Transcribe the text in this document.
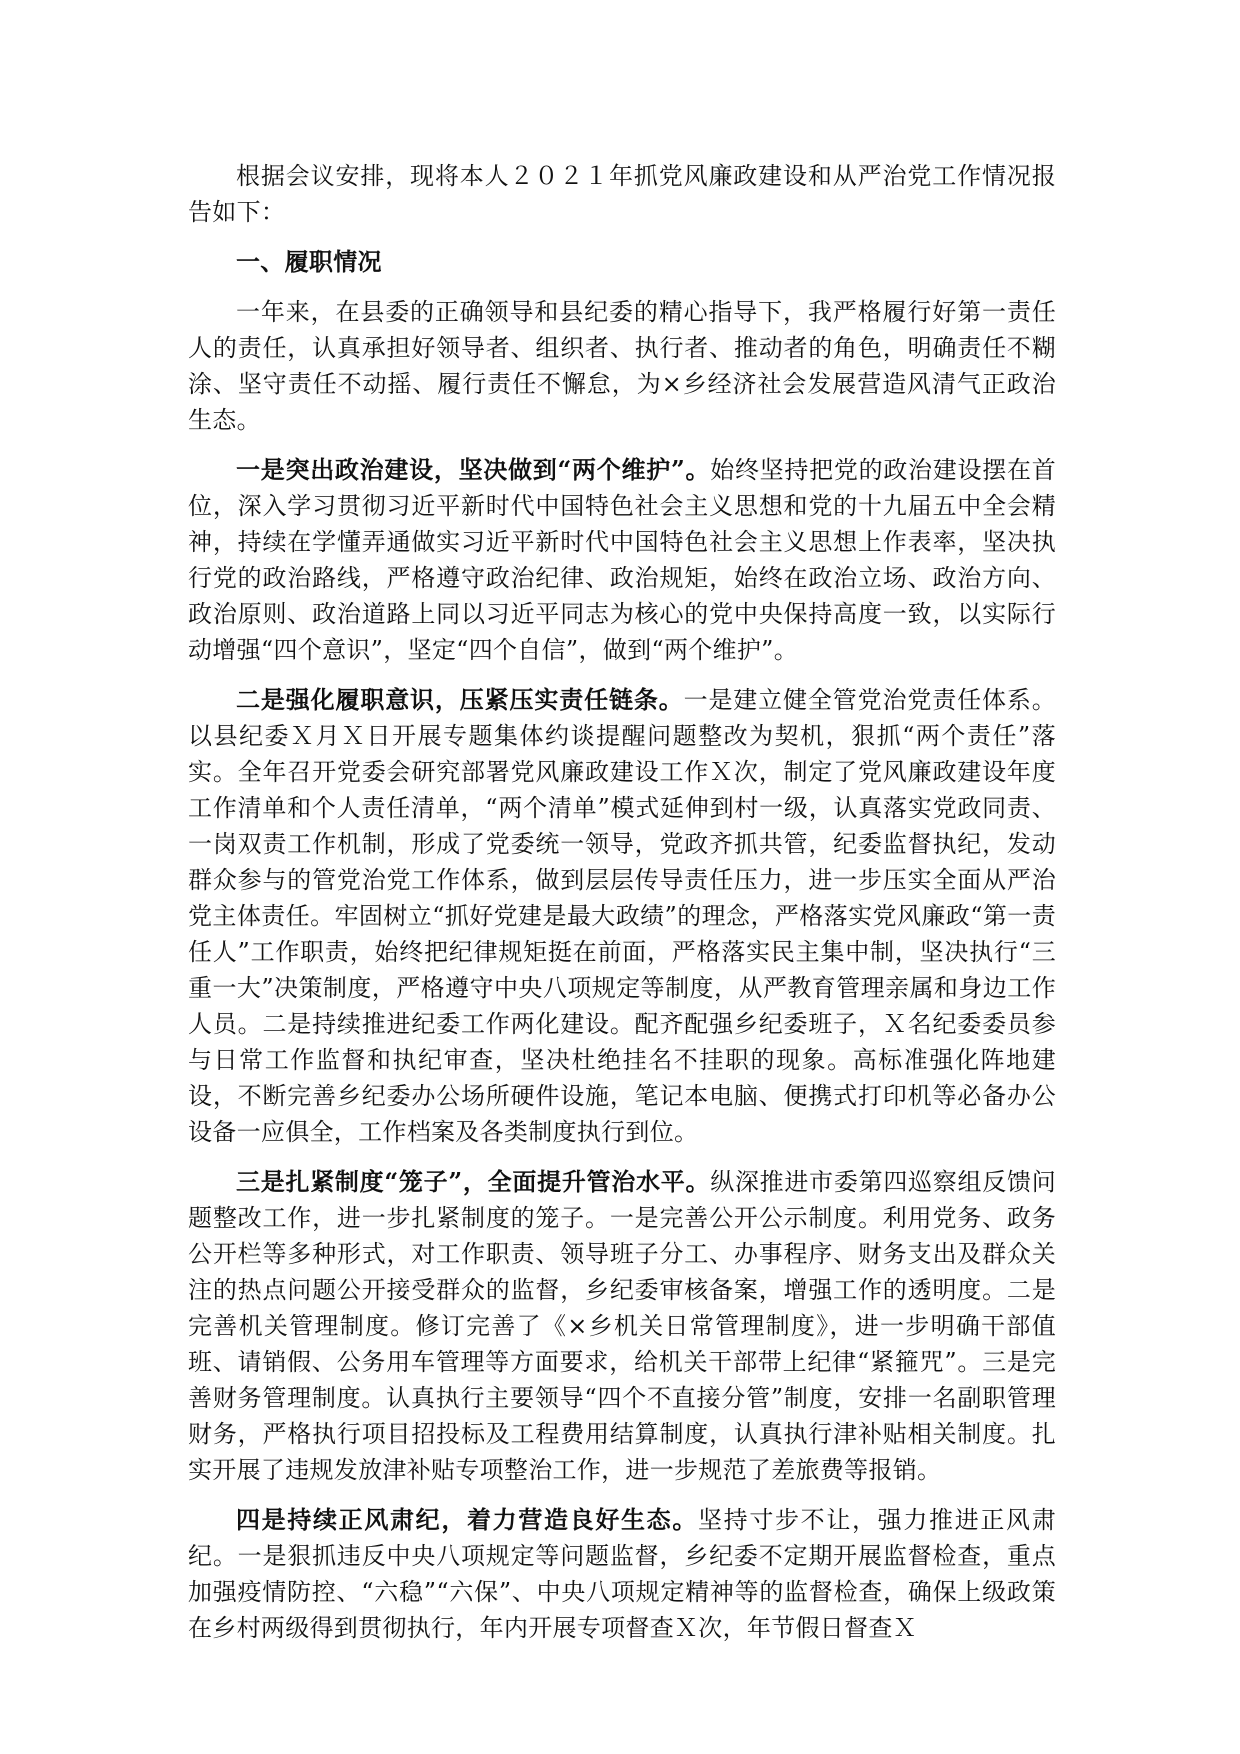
根据会议安排，现将本人２０２１年抓党风廉政建设和从严治党工作情况报告如下：

一、履职情况

一年来，在县委的正确领导和县纪委的精心指导下，我严格履行好第一责任人的责任，认真承担好领导者、组织者、执行者、推动者的角色，明确责任不糊涂、坚守责任不动摇、履行责任不懈怠，为×乡经济社会发展营造风清气正政治生态。

一是突出政治建设，坚决做到“两个维护”。始终坚持把党的政治建设摆在首位，深入学习贯彻习近平新时代中国特色社会主义思想和党的十九届五中全会精神，持续在学懂弄通做实习近平新时代中国特色社会主义思想上作表率，坚决执行党的政治路线，严格遵守政治纪律、政治规矩，始终在政治立场、政治方向、政治原则、政治道路上同以习近平同志为核心的党中央保持高度一致，以实际行动增强“四个意识”，坚定“四个自信”，做到“两个维护”。

二是强化履职意识，压紧压实责任链条。一是建立健全管党治党责任体系。以县纪委Ｘ月Ｘ日开展专题集体约谈提醒问题整改为契机，狠抓“两个责任”落实。全年召开党委会研究部署党风廉政建设工作Ｘ次，制定了党风廉政建设年度工作清单和个人责任清单，“两个清单”模式延伸到村一级，认真落实党政同责、一岗双责工作机制，形成了党委统一领导，党政齐抓共管，纪委监督执纪，发动群众参与的管党治党工作体系，做到层层传导责任压力，进一步压实全面从严治党主体责任。牢固树立“抓好党建是最大政绩”的理念，严格落实党风廉政“第一责任人”工作职责，始终把纪律规矩挺在前面，严格落实民主集中制，坚决执行“三重一大”决策制度，严格遵守中央八项规定等制度，从严教育管理亲属和身边工作人员。二是持续推进纪委工作两化建设。配齐配强乡纪委班子，Ｘ名纪委委员参与日常工作监督和执纪审查，坚决杜绝挂名不挂职的现象。高标准强化阵地建设，不断完善乡纪委办公场所硬件设施，笔记本电脑、便携式打印机等必备办公设备一应俱全，工作档案及各类制度执行到位。

三是扎紧制度“笼子”，全面提升管治水平。纵深推进市委第四巡察组反馈问题整改工作，进一步扎紧制度的笼子。一是完善公开公示制度。利用党务、政务公开栏等多种形式，对工作职责、领导班子分工、办事程序、财务支出及群众关注的热点问题公开接受群众的监督，乡纪委审核备案，增强工作的透明度。二是完善机关管理制度。修订完善了《×乡机关日常管理制度》，进一步明确干部值班、请销假、公务用车管理等方面要求，给机关干部带上纪律“紧箍咒”。三是完善财务管理制度。认真执行主要领导“四个不直接分管”制度，安排一名副职管理财务，严格执行项目招投标及工程费用结算制度，认真执行津补贴相关制度。扎实开展了违规发放津补贴专项整治工作，进一步规范了差旅费等报销。

四是持续正风肃纪，着力营造良好生态。坚持寸步不让，强力推进正风肃纪。一是狠抓违反中央八项规定等问题监督，乡纪委不定期开展监督检查，重点加强疫情防控、“六稳”“六保”、中央八项规定精神等的监督检查，确保上级政策在乡村两级得到贯彻执行，年内开展专项督查Ｘ次，年节假日督查Ｘ
